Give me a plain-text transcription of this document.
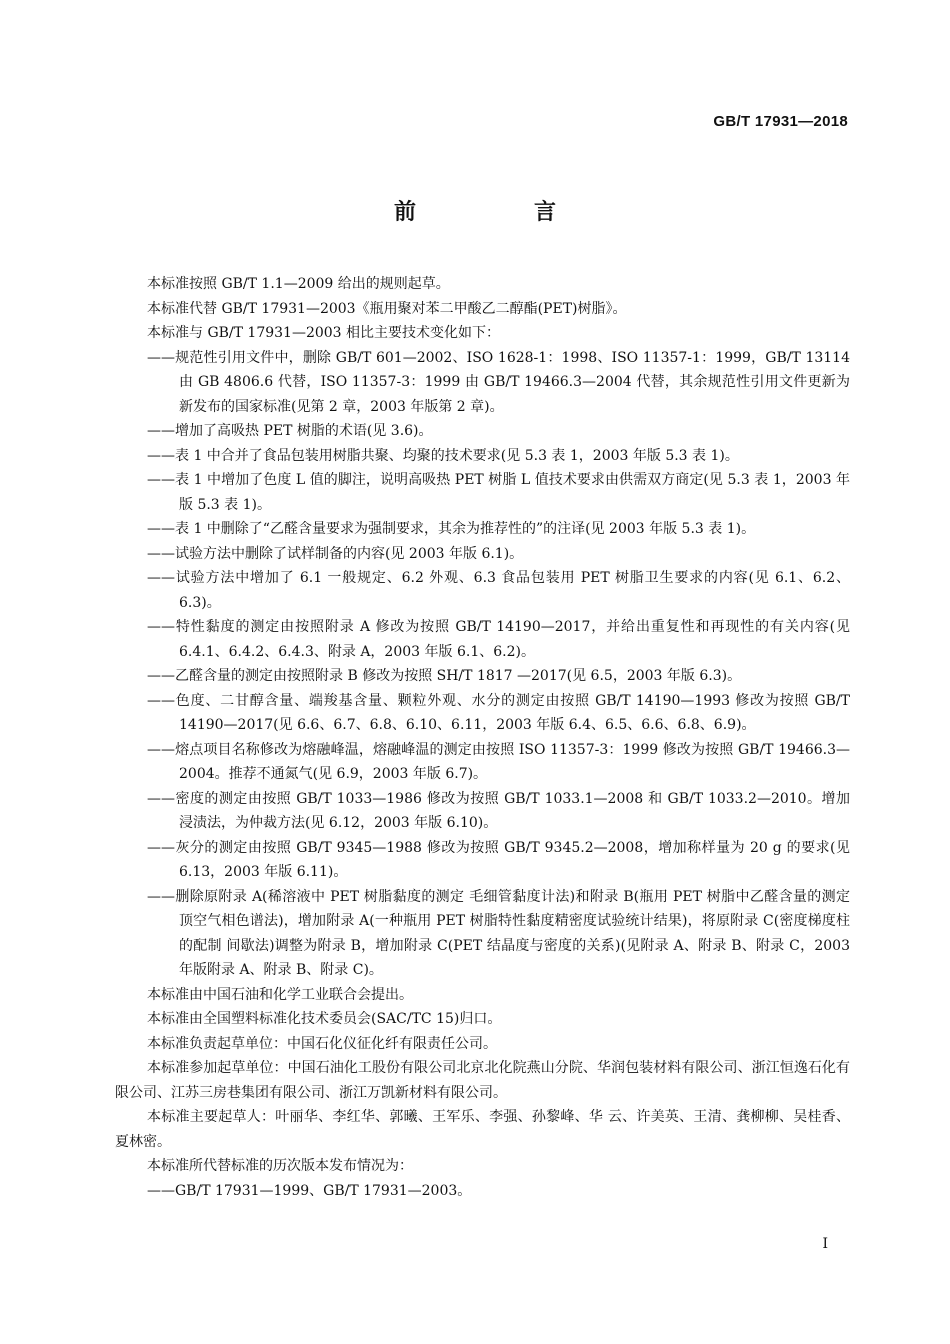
GB/T 17931—2018
前　言

本标准按照 GB/T 1.1—2009 给出的规则起草。

本标准代替 GB/T 17931—2003《瓶用聚对苯二甲酸乙二醇酯(PET)树脂》。

本标准与 GB/T 17931—2003 相比主要技术变化如下：

——规范性引用文件中，删除 GB/T 601—2002、ISO 1628-1：1998、ISO 11357-1：1999，GB/T 13114由 GB 4806.6 代替，ISO 11357-3：1999 由 GB/T 19466.3—2004 代替，其余规范性引用文件更新为新发布的国家标准(见第 2 章，2003 年版第 2 章)。

——增加了高吸热 PET 树脂的术语(见 3.6)。

——表 1 中合并了食品包装用树脂共聚、均聚的技术要求(见 5.3 表 1，2003 年版 5.3 表 1)。

——表 1 中增加了色度 L 值的脚注，说明高吸热 PET 树脂 L 值技术要求由供需双方商定(见 5.3 表 1，2003 年版 5.3 表 1)。

——表 1 中删除了“乙醛含量要求为强制要求，其余为推荐性的”的注译(见 2003 年版 5.3 表 1)。

——试验方法中删除了试样制备的内容(见 2003 年版 6.1)。

——试验方法中增加了 6.1 一般规定、6.2 外观、6.3 食品包装用 PET 树脂卫生要求的内容(见 6.1、6.2、6.3)。

——特性黏度的测定由按照附录 A 修改为按照 GB/T 14190—2017，并给出重复性和再现性的有关内容(见 6.4.1、6.4.2、6.4.3、附录 A，2003 年版 6.1、6.2)。

——乙醛含量的测定由按照附录 B 修改为按照 SH/T 1817 —2017(见 6.5，2003 年版 6.3)。

——色度、二甘醇含量、端羧基含量、颗粒外观、水分的测定由按照 GB/T 14190—1993 修改为按照 GB/T 14190—2017(见 6.6、6.7、6.8、6.10、6.11，2003 年版 6.4、6.5、6.6、6.8、6.9)。

——熔点项目名称修改为熔融峰温，熔融峰温的测定由按照 ISO 11357-3：1999 修改为按照 GB/T 19466.3—2004。推荐不通氮气(见 6.9，2003 年版 6.7)。

——密度的测定由按照 GB/T 1033—1986 修改为按照 GB/T 1033.1—2008 和 GB/T 1033.2—2010。增加浸渍法，为仲裁方法(见 6.12，2003 年版 6.10)。

——灰分的测定由按照 GB/T 9345—1988 修改为按照 GB/T 9345.2—2008，增加称样量为 20 g 的要求(见 6.13，2003 年版 6.11)。

——删除原附录 A(稀溶液中 PET 树脂黏度的测定 毛细管黏度计法)和附录 B(瓶用 PET 树脂中乙醛含量的测定 顶空气相色谱法)，增加附录 A(一种瓶用 PET 树脂特性黏度精密度试验统计结果)，将原附录 C(密度梯度柱的配制 间歇法)调整为附录 B，增加附录 C(PET 结晶度与密度的关系)(见附录 A、附录 B、附录 C，2003 年版附录 A、附录 B、附录 C)。

本标准由中国石油和化学工业联合会提出。

本标准由全国塑料标准化技术委员会(SAC/TC 15)归口。

本标准负责起草单位：中国石化仪征化纤有限责任公司。

本标准参加起草单位：中国石油化工股份有限公司北京北化院燕山分院、华润包装材料有限公司、浙江恒逸石化有限公司、江苏三房巷集团有限公司、浙江万凯新材料有限公司。

本标准主要起草人：叶丽华、李红华、郭曦、王军乐、李强、孙黎峰、华 云、许美英、王清、龚柳柳、吴桂香、夏林密。

本标准所代替标准的历次版本发布情况为：

——GB/T 17931—1999、GB/T 17931—2003。

I
